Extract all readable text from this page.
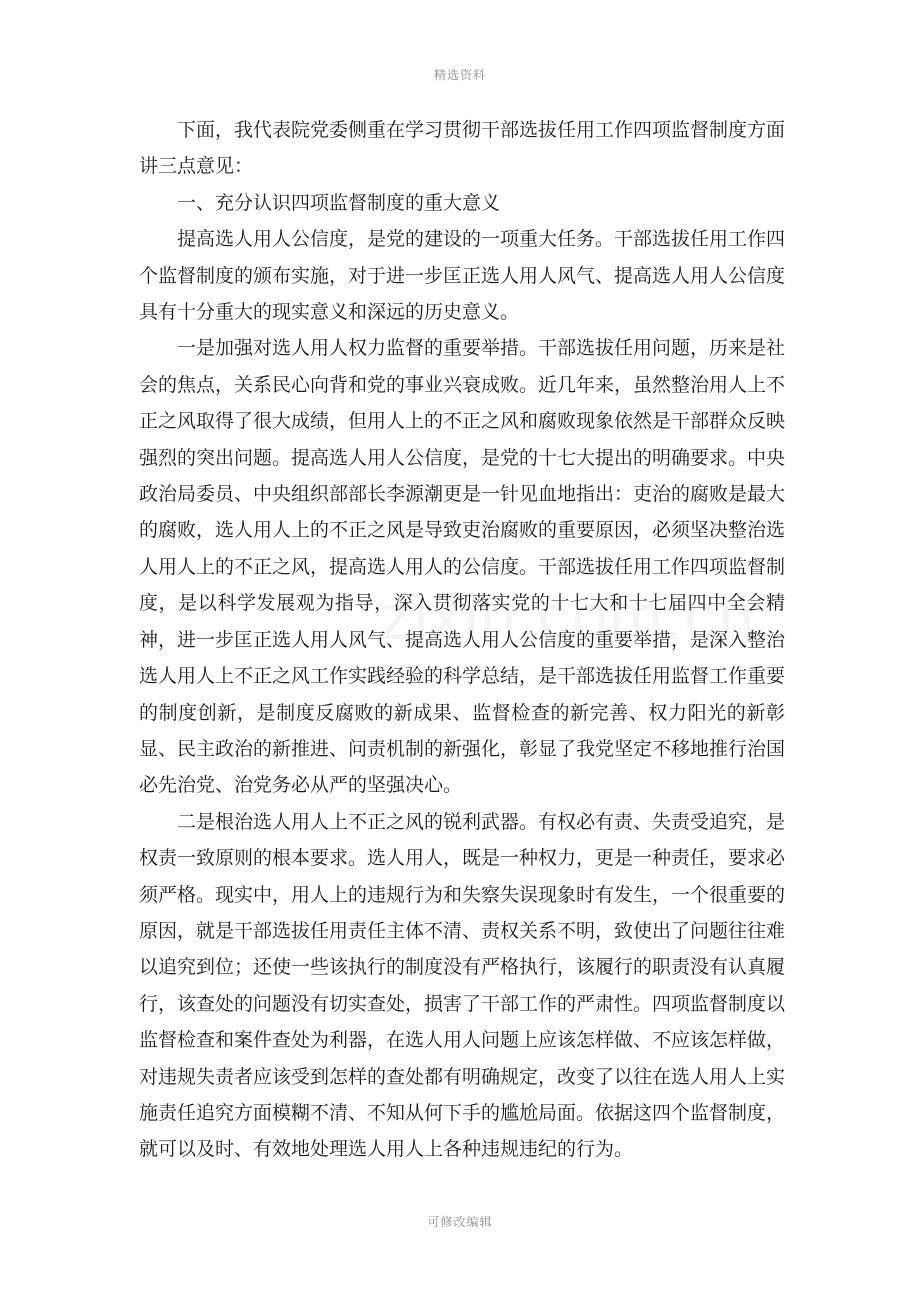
精选资料

下面，我代表院党委侧重在学习贯彻干部选拔任用工作四项监督制度方面讲三点意见：

一、充分认识四项监督制度的重大意义

提高选人用人公信度，是党的建设的一项重大任务。干部选拔任用工作四个监督制度的颁布实施，对于进一步匡正选人用人风气、提高选人用人公信度具有十分重大的现实意义和深远的历史意义。

一是加强对选人用人权力监督的重要举措。干部选拔任用问题，历来是社会的焦点，关系民心向背和党的事业兴衰成败。近几年来，虽然整治用人上不正之风取得了很大成绩，但用人上的不正之风和腐败现象依然是干部群众反映强烈的突出问题。提高选人用人公信度，是党的十七大提出的明确要求。中央政治局委员、中央组织部部长李源潮更是一针见血地指出：吏治的腐败是最大的腐败，选人用人上的不正之风是导致吏治腐败的重要原因，必须坚决整治选人用人上的不正之风，提高选人用人的公信度。干部选拔任用工作四项监督制度，是以科学发展观为指导，深入贯彻落实党的十七大和十七届四中全会精神，进一步匡正选人用人风气、提高选人用人公信度的重要举措，是深入整治选人用人上不正之风工作实践经验的科学总结，是干部选拔任用监督工作重要的制度创新，是制度反腐败的新成果、监督检查的新完善、权力阳光的新彰显、民主政治的新推进、问责机制的新强化，彰显了我党坚定不移地推行治国必先治党、治党务必从严的坚强决心。

二是根治选人用人上不正之风的锐利武器。有权必有责、失责受追究，是权责一致原则的根本要求。选人用人，既是一种权力，更是一种责任，要求必须严格。现实中，用人上的违规行为和失察失误现象时有发生，一个很重要的原因，就是干部选拔任用责任主体不清、责权关系不明，致使出了问题往往难以追究到位；还使一些该执行的制度没有严格执行，该履行的职责没有认真履行，该查处的问题没有切实查处，损害了干部工作的严肃性。四项监督制度以监督检查和案件查处为利器，在选人用人问题上应该怎样做、不应该怎样做，对违规失责者应该受到怎样的查处都有明确规定，改变了以往在选人用人上实施责任追究方面模糊不清、不知从何下手的尴尬局面。依据这四个监督制度，就可以及时、有效地处理选人用人上各种违规违纪的行为。

可修改编辑
